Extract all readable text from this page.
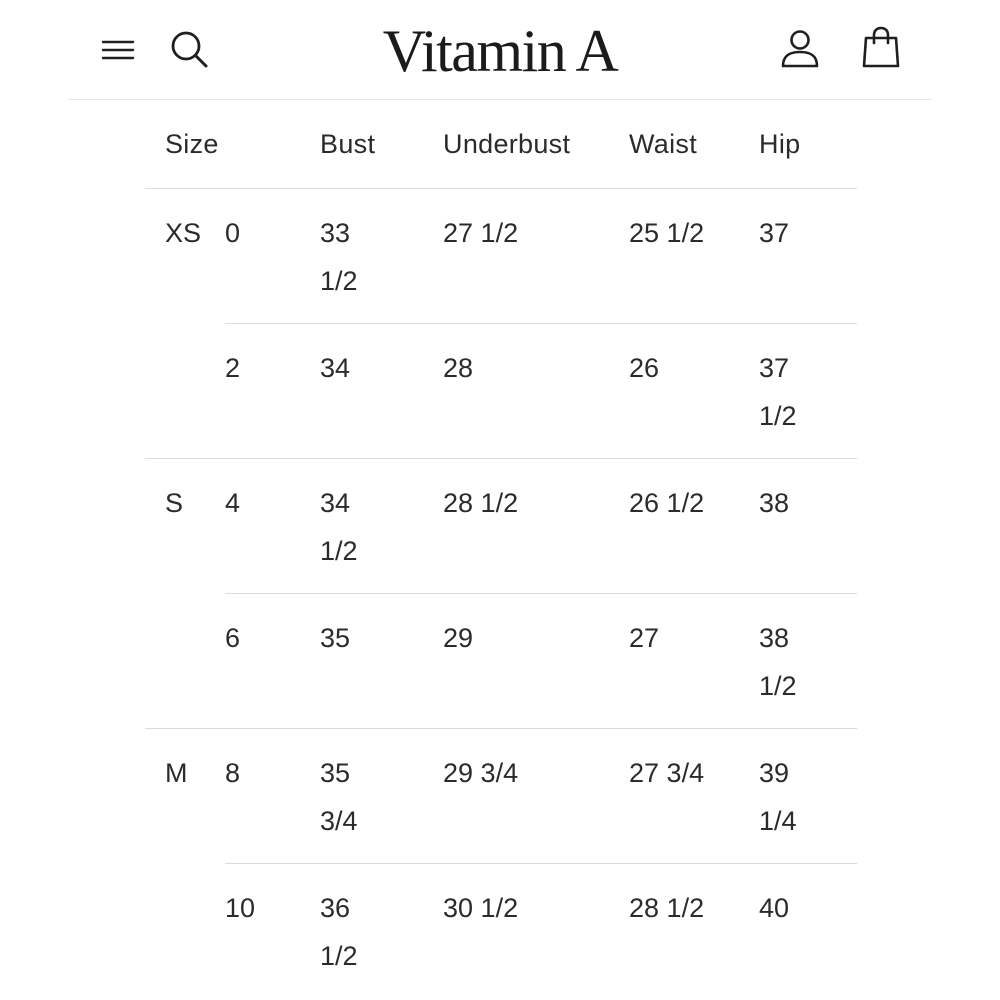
Vitamin A
Size		Bust	Underbust	Waist	Hip
XS	0	33 1/2	27 1/2	25 1/2	37
	2	34	28	26	37 1/2
S	4	34 1/2	28 1/2	26 1/2	38
	6	35	29	27	38 1/2
M	8	35 3/4	29 3/4	27 3/4	39 1/4
	10	36 1/2	30 1/2	28 1/2	40
